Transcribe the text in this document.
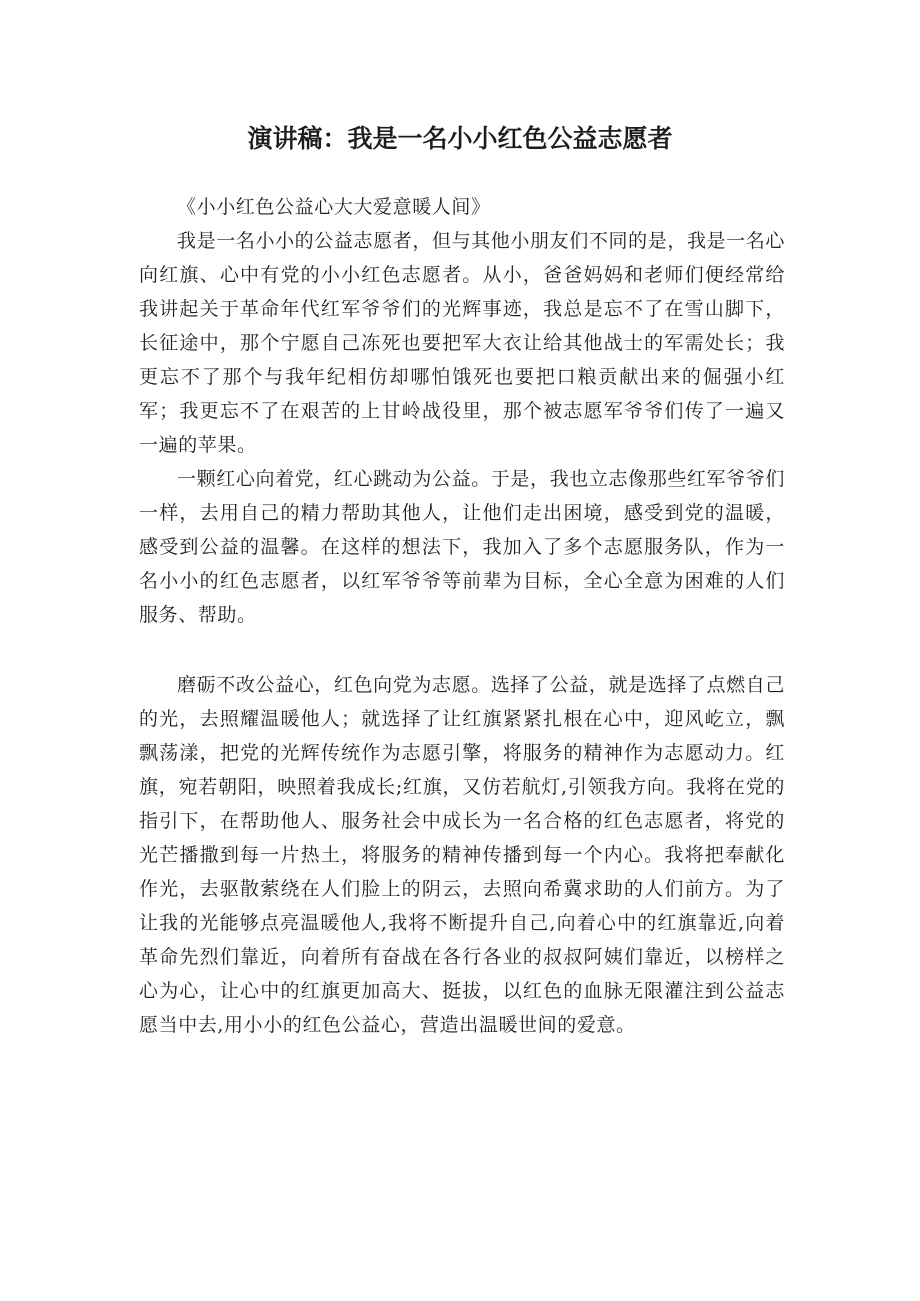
演讲稿：我是一名小小红色公益志愿者

《小小红色公益心大大爱意暖人间》

我是一名小小的公益志愿者，但与其他小朋友们不同的是，我是一名心向红旗、心中有党的小小红色志愿者。从小，爸爸妈妈和老师们便经常给我讲起关于革命年代红军爷爷们的光辉事迹，我总是忘不了在雪山脚下，长征途中，那个宁愿自己冻死也要把军大衣让给其他战士的军需处长；我更忘不了那个与我年纪相仿却哪怕饿死也要把口粮贡献出来的倔强小红军；我更忘不了在艰苦的上甘岭战役里，那个被志愿军爷爷们传了一遍又一遍的苹果。

一颗红心向着党，红心跳动为公益。于是，我也立志像那些红军爷爷们一样，去用自己的精力帮助其他人，让他们走出困境，感受到党的温暖，感受到公益的温馨。在这样的想法下，我加入了多个志愿服务队，作为一名小小的红色志愿者，以红军爷爷等前辈为目标，全心全意为困难的人们服务、帮助。

磨砺不改公益心，红色向党为志愿。选择了公益，就是选择了点燃自己的光，去照耀温暖他人；就选择了让红旗紧紧扎根在心中，迎风屹立，飘飘荡漾，把党的光辉传统作为志愿引擎，将服务的精神作为志愿动力。红旗，宛若朝阳，映照着我成长;红旗，又仿若航灯,引领我方向。我将在党的指引下，在帮助他人、服务社会中成长为一名合格的红色志愿者，将党的光芒播撒到每一片热土，将服务的精神传播到每一个内心。我将把奉献化作光，去驱散萦绕在人们脸上的阴云，去照向希冀求助的人们前方。为了让我的光能够点亮温暖他人,我将不断提升自己,向着心中的红旗靠近,向着革命先烈们靠近，向着所有奋战在各行各业的叔叔阿姨们靠近，以榜样之心为心，让心中的红旗更加高大、挺拔，以红色的血脉无限灌注到公益志愿当中去,用小小的红色公益心，营造出温暖世间的爱意。
